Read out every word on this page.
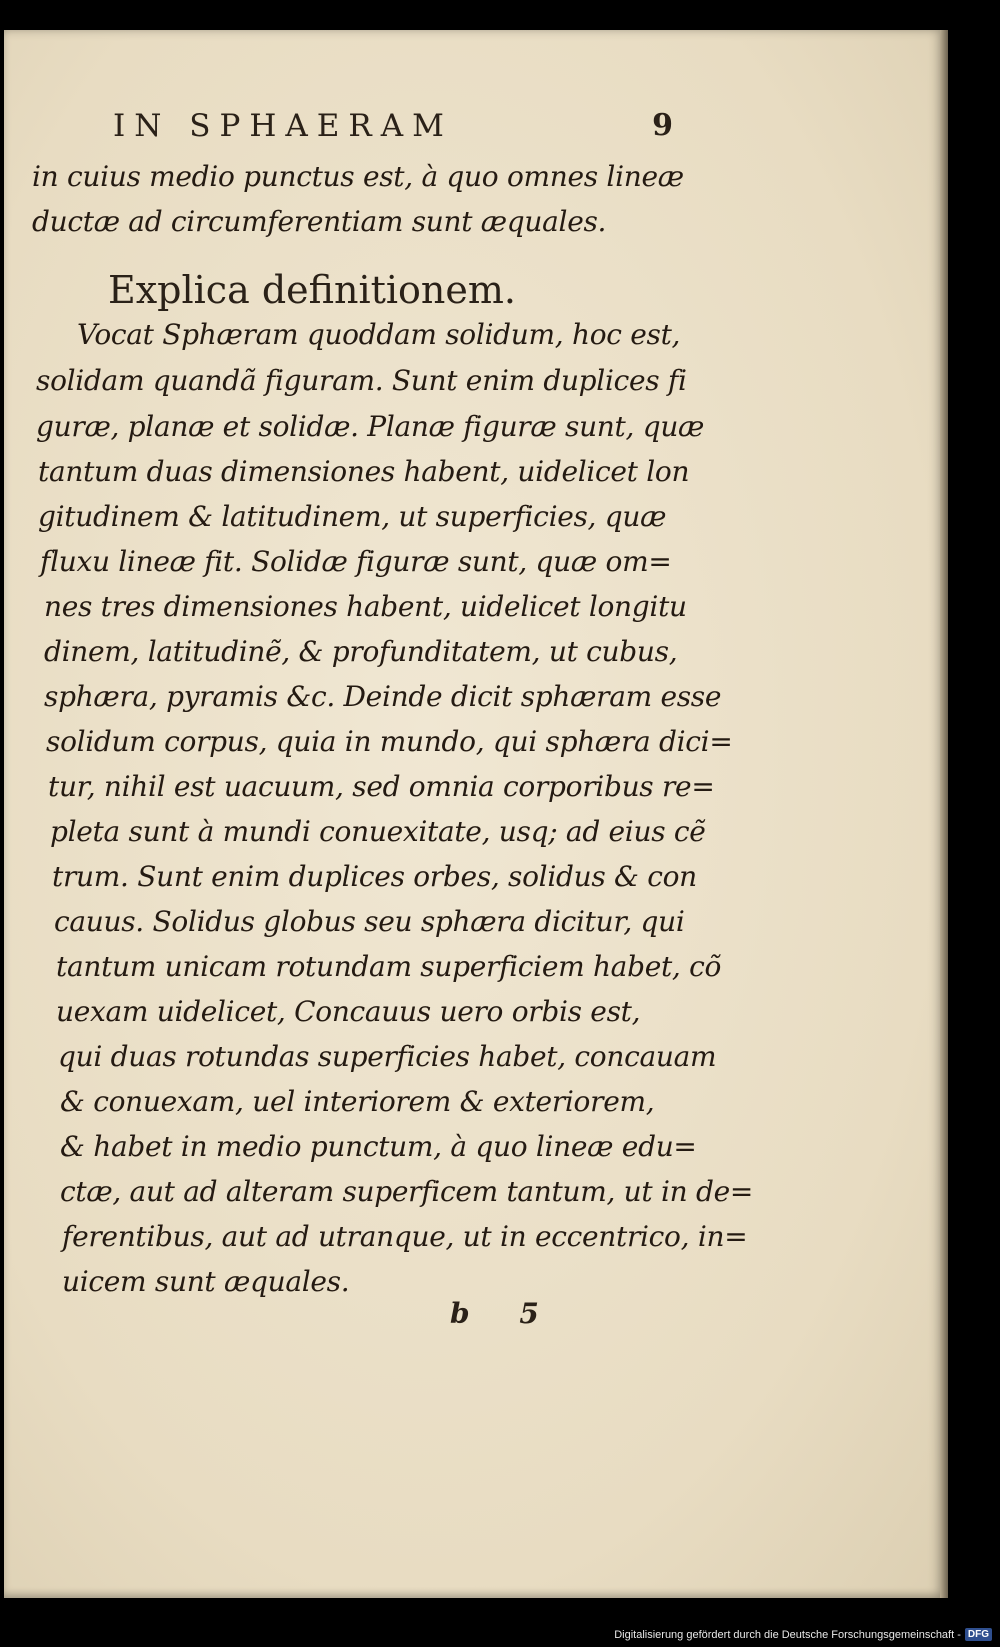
IN SPHAERAM	9
in cuius medio punctus est, à quo omnes lineæ
ductæ ad circumferentiam sunt æquales.
Explica definitionem.
Vocat Sphæram quoddam solidum, hoc est,
solidam quandã figuram. Sunt enim duplices fi
guræ, planæ et solidæ. Planæ figuræ sunt, quæ
tantum duas dimensiones habent, uidelicet lon
gitudinem & latitudinem, ut superficies, quæ
fluxu lineæ fit. Solidæ figuræ sunt, quæ om=
nes tres dimensiones habent, uidelicet longitu
dinem, latitudinẽ, & profunditatem, ut cubus,
sphæra, pyramis &c. Deinde dicit sphæram esse
solidum corpus, quia in mundo, qui sphæra dici=
tur, nihil est uacuum, sed omnia corporibus re=
pleta sunt à mundi conuexitate, usq; ad eius cẽ
trum. Sunt enim duplices orbes, solidus & con
cauus. Solidus globus seu sphæra dicitur, qui
tantum unicam rotundam superficiem habet, cõ
uexam uidelicet, Concauus uero orbis est,
qui duas rotundas superficies habet, concauam
& conuexam, uel interiorem & exteriorem,
& habet in medio punctum, à quo lineæ edu=
ctæ, aut ad alteram superficem tantum, ut in de=
ferentibus, aut ad utranque, ut in eccentrico, in=
uicem sunt æquales.
b 5
Digitalisierung gefördert durch die Deutsche Forschungsgemeinschaft - DFG
